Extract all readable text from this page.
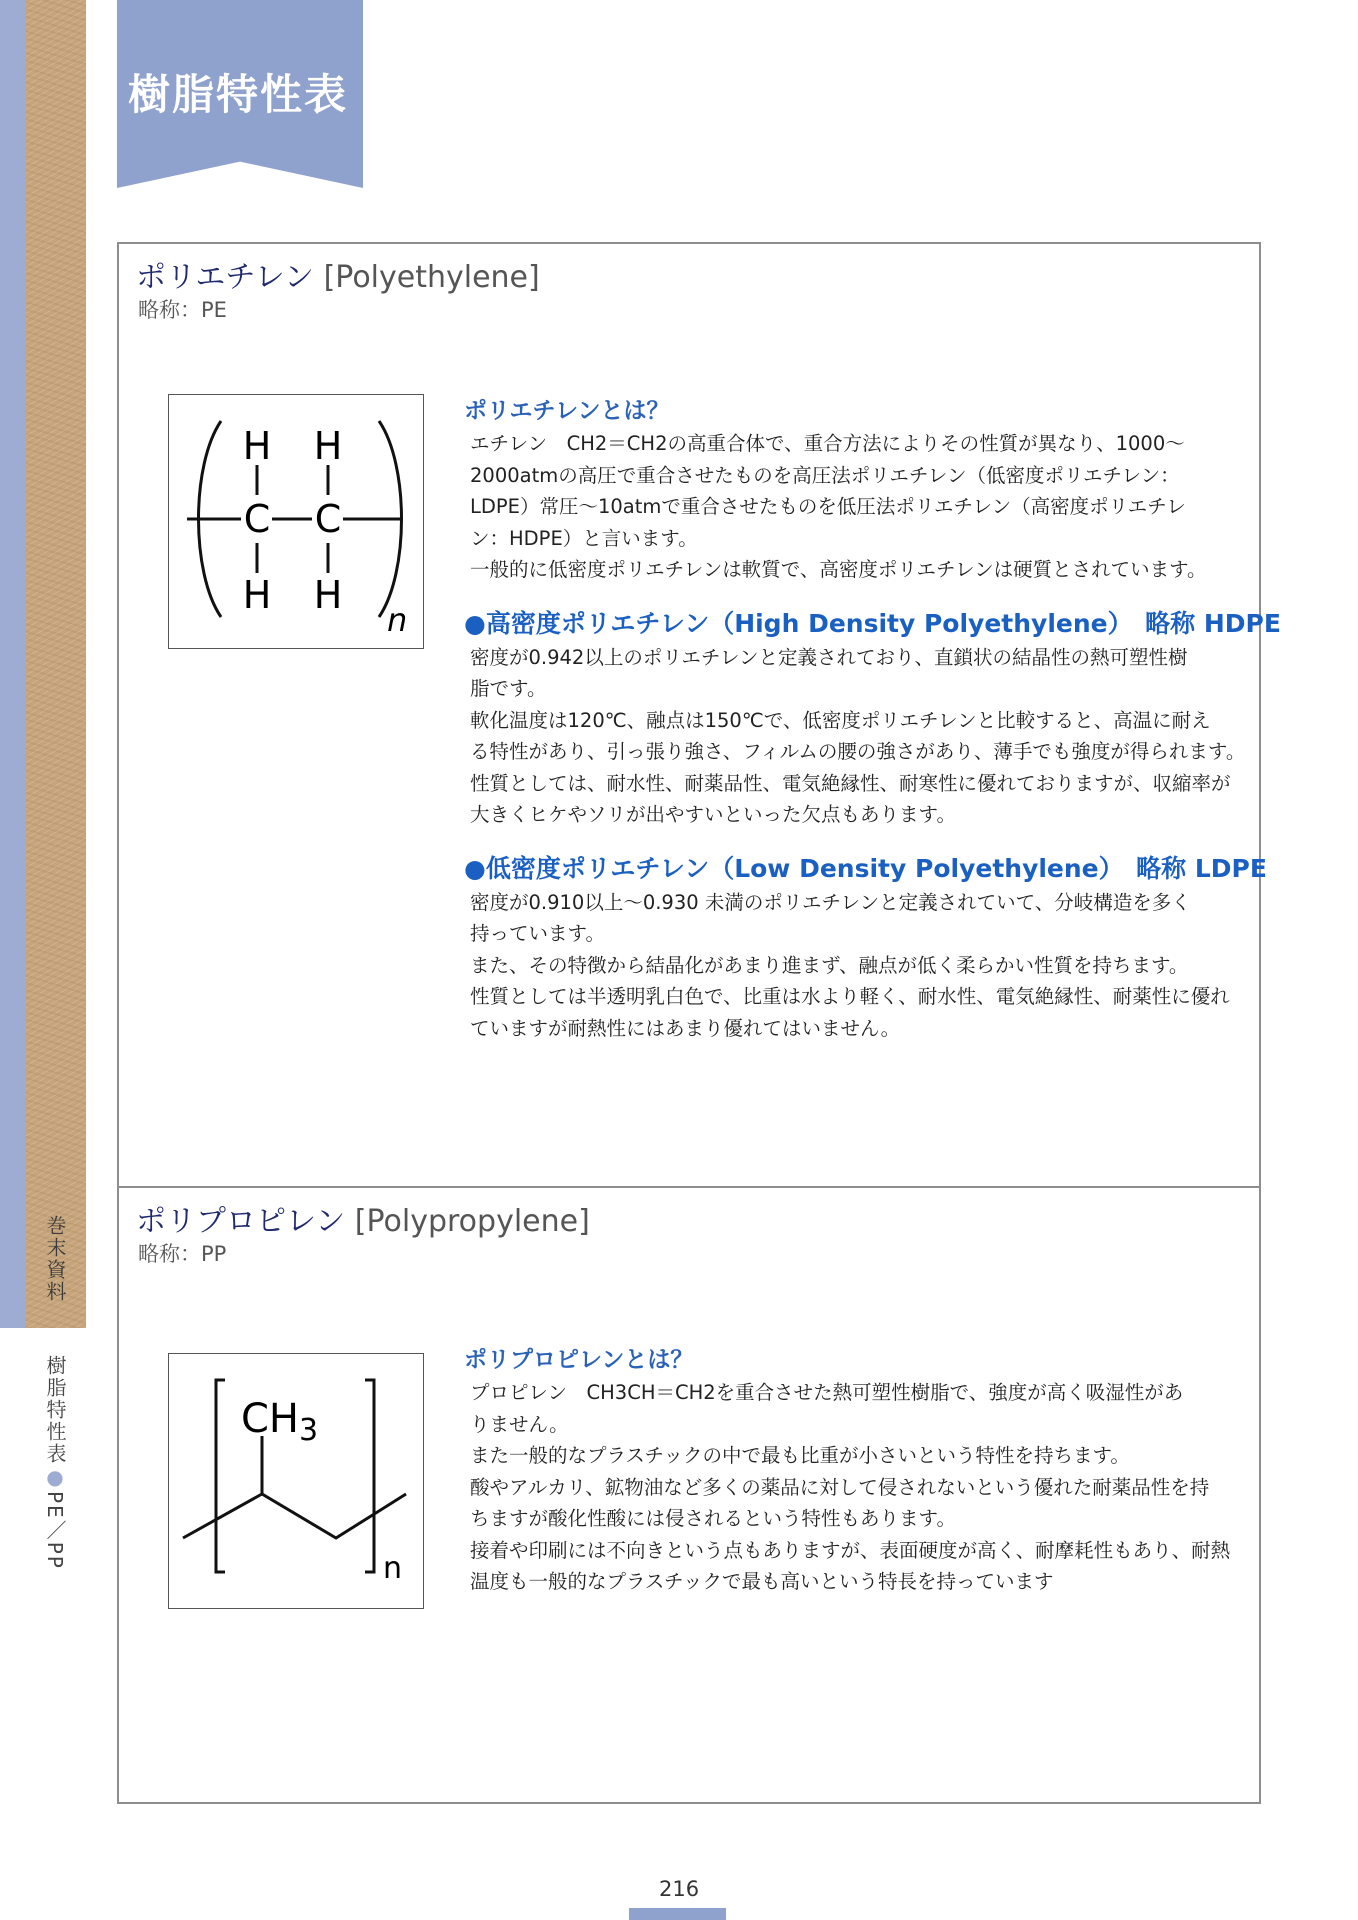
巻末資料
樹脂特性表●PE／PP
樹脂特性表
ポリエチレン [Polyethylene]
略称：PE
H H
C C
H H
n
ポリエチレンとは？

エチレン　CH2＝CH2の高重合体で、重合方法によりその性質が異なり、1000～
2000atmの高圧で重合させたものを高圧法ポリエチレン（低密度ポリエチレン：
LDPE）常圧～10atmで重合させたものを低圧法ポリエチレン（高密度ポリエチレ
ン：HDPE）と言います。
一般的に低密度ポリエチレンは軟質で、高密度ポリエチレンは硬質とされています。

●高密度ポリエチレン（High Density Polyethylene）　略称 HDPE

密度が0.942以上のポリエチレンと定義されており、直鎖状の結晶性の熱可塑性樹
脂です。
軟化温度は120℃、融点は150℃で、低密度ポリエチレンと比較すると、高温に耐え
る特性があり、引っ張り強さ、フィルムの腰の強さがあり、薄手でも強度が得られます。
性質としては、耐水性、耐薬品性、電気絶縁性、耐寒性に優れておりますが、収縮率が
大きくヒケやソリが出やすいといった欠点もあります。

●低密度ポリエチレン（Low Density Polyethylene）　略称 LDPE

密度が0.910以上～0.930 未満のポリエチレンと定義されていて、分岐構造を多く
持っています。
また、その特徴から結晶化があまり進まず、融点が低く柔らかい性質を持ちます。
性質としては半透明乳白色で、比重は水より軽く、耐水性、電気絶縁性、耐薬性に優れ
ていますが耐熱性にはあまり優れてはいません。

ポリプロピレン [Polypropylene]
略称：PP
$CH_3$
n
ポリプロピレンとは？

プロピレン　CH3CH＝CH2を重合させた熱可塑性樹脂で、強度が高く吸湿性があ
りません。
また一般的なプラスチックの中で最も比重が小さいという特性を持ちます。
酸やアルカリ、鉱物油など多くの薬品に対して侵されないという優れた耐薬品性を持
ちますが酸化性酸には侵されるという特性もあります。
接着や印刷には不向きという点もありますが、表面硬度が高く、耐摩耗性もあり、耐熱
温度も一般的なプラスチックで最も高いという特長を持っています

216
